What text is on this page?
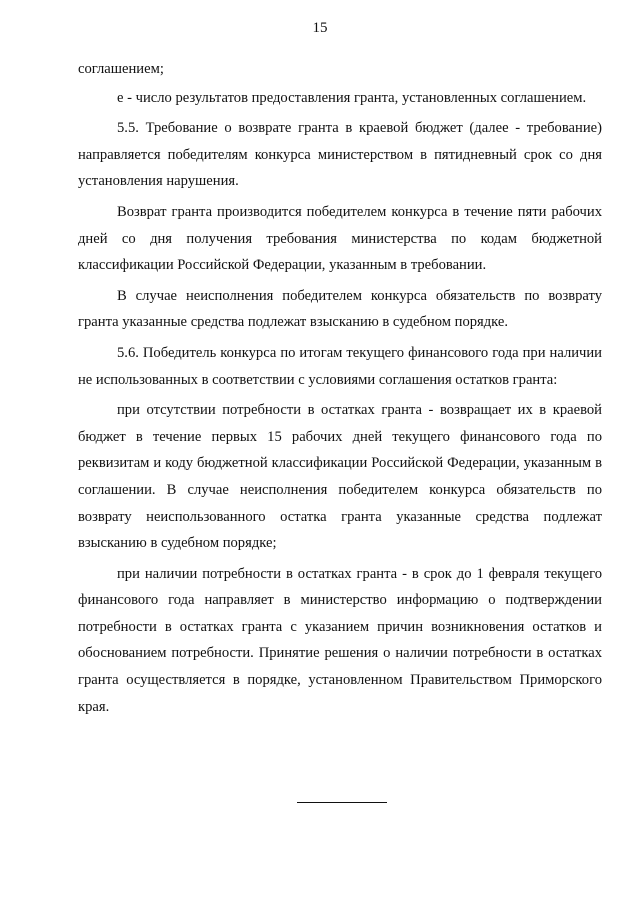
15

соглашением;

е - число результатов предоставления гранта, установленных соглашением.

5.5. Требование о возврате гранта в краевой бюджет (далее - требование) направляется победителям конкурса министерством в пятидневный срок со дня установления нарушения.

Возврат гранта производится победителем конкурса в течение пяти рабочих дней со дня получения требования министерства по кодам бюджетной классификации Российской Федерации, указанным в требовании.

В случае неисполнения победителем конкурса обязательств по возврату гранта указанные средства подлежат взысканию в судебном порядке.

5.6. Победитель конкурса по итогам текущего финансового года при наличии не использованных в соответствии с условиями соглашения остатков гранта:

при отсутствии потребности в остатках гранта - возвращает их в краевой бюджет в течение первых 15 рабочих дней текущего финансового года по реквизитам и коду бюджетной классификации Российской Федерации, указанным в соглашении. В случае неисполнения победителем конкурса обязательств по возврату неиспользованного остатка гранта указанные средства подлежат взысканию в судебном порядке;

при наличии потребности в остатках гранта - в срок до 1 февраля текущего финансового года направляет в министерство информацию о подтверждении потребности в остатках гранта с указанием причин возникновения остатков и обоснованием потребности. Принятие решения о наличии потребности в остатках гранта осуществляется в порядке, установленном Правительством Приморского края.
